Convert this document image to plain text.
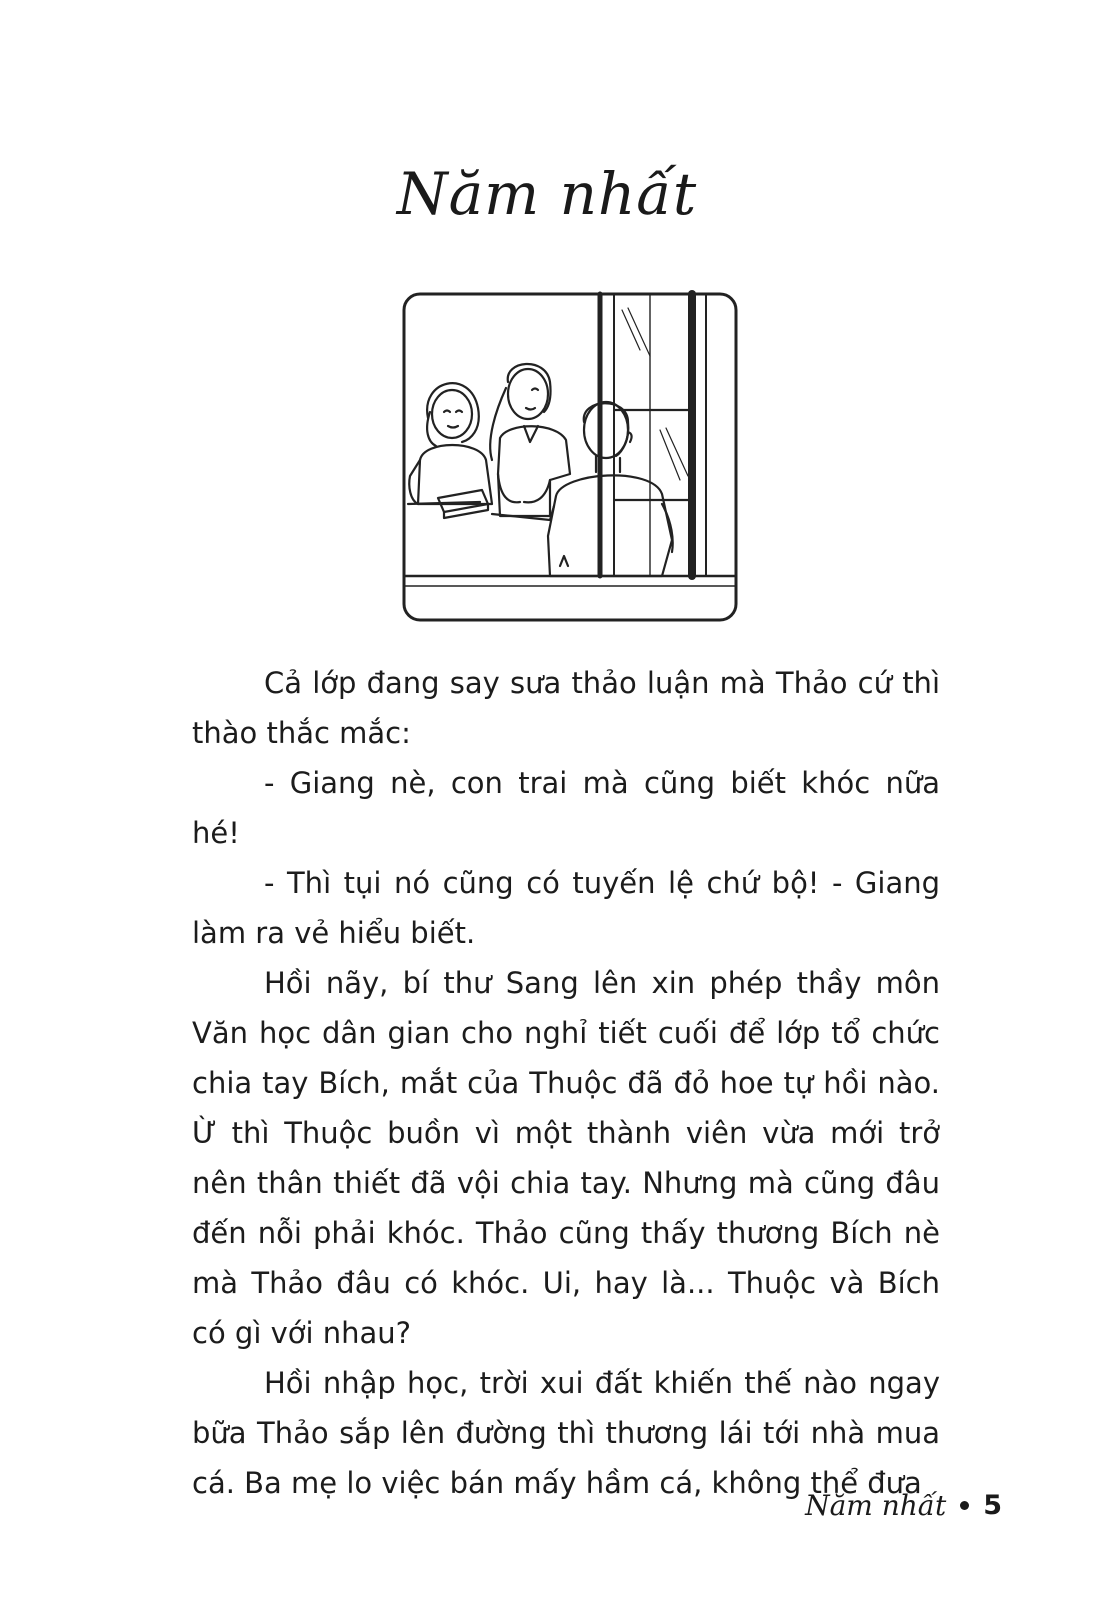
Năm nhất

Cả lớp đang say sưa thảo luận mà Thảo cứ thì thào thắc mắc:

- Giang nè, con trai mà cũng biết khóc nữa hé!

- Thì tụi nó cũng có tuyến lệ chứ bộ! - Giang làm ra vẻ hiểu biết.

Hồi nãy, bí thư Sang lên xin phép thầy môn Văn học dân gian cho nghỉ tiết cuối để lớp tổ chức chia tay Bích, mắt của Thuộc đã đỏ hoe tự hồi nào. Ừ thì Thuộc buồn vì một thành viên vừa mới trở nên thân thiết đã vội chia tay. Nhưng mà cũng đâu đến nỗi phải khóc. Thảo cũng thấy thương Bích nè mà Thảo đâu có khóc. Ui, hay là... Thuộc và Bích có gì với nhau?

Hồi nhập học, trời xui đất khiến thế nào ngay bữa Thảo sắp lên đường thì thương lái tới nhà mua cá. Ba mẹ lo việc bán mấy hầm cá, không thể đưa

Năm nhất 5
